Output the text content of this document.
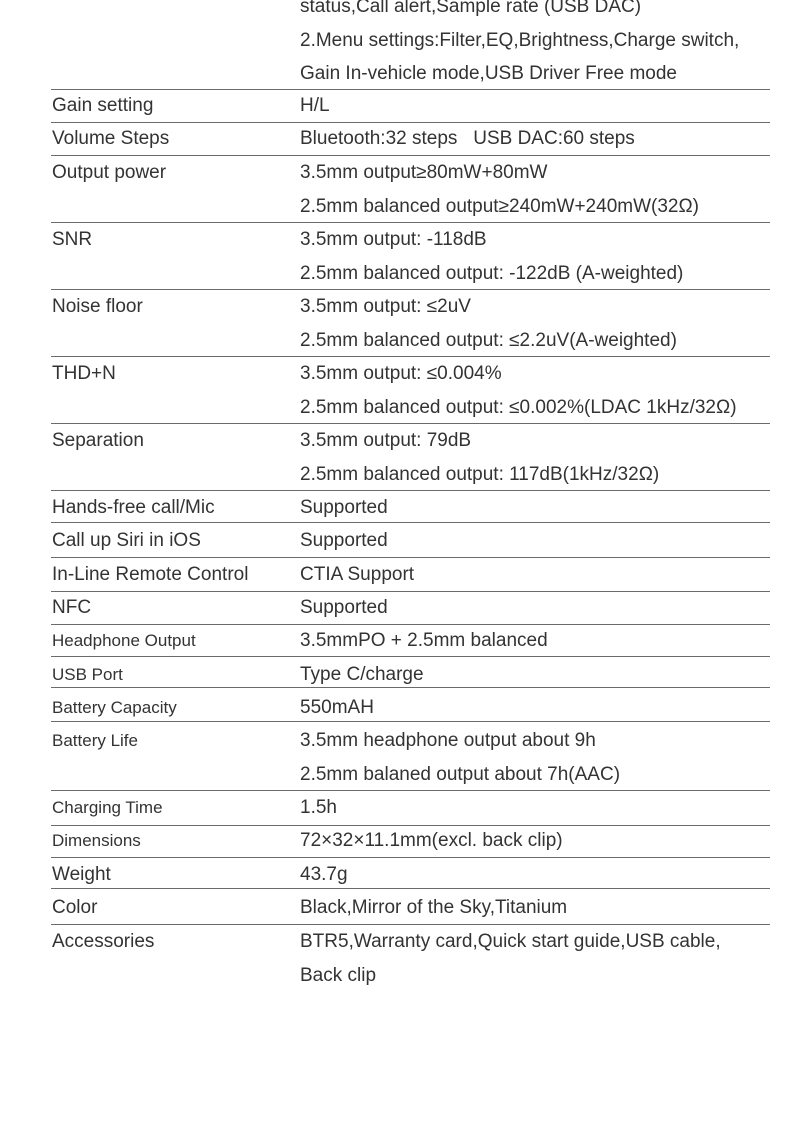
status,Call alert,Sample rate (USB DAC)
2.Menu settings:Filter,EQ,Brightness,Charge switch,
Gain In-vehicle mode,USB Driver Free mode
Gain setting	H/L
Volume Steps	Bluetooth:32 steps   USB DAC:60 steps
Output power	3.5mm output≥80mW+80mW
2.5mm balanced output≥240mW+240mW(32Ω)
SNR	3.5mm output: -118dB
2.5mm balanced output: -122dB (A-weighted)
Noise floor	3.5mm output: ≤2uV
2.5mm balanced output: ≤2.2uV(A-weighted)
THD+N	3.5mm output: ≤0.004%
2.5mm balanced output: ≤0.002%(LDAC 1kHz/32Ω)
Separation	3.5mm output: 79dB
2.5mm balanced output: 117dB(1kHz/32Ω)
Hands-free call/Mic	Supported
Call up Siri in iOS	Supported
In-Line Remote Control	CTIA Support
NFC	Supported
Headphone Output	3.5mmPO + 2.5mm balanced
USB Port	Type C/charge
Battery Capacity	550mAH
Battery Life	3.5mm headphone output about 9h
2.5mm balaned output about 7h(AAC)
Charging Time	1.5h
Dimensions	72×32×11.1mm(excl. back clip)
Weight	43.7g
Color	Black,Mirror of the Sky,Titanium
Accessories	BTR5,Warranty card,Quick start guide,USB cable,
Back clip
